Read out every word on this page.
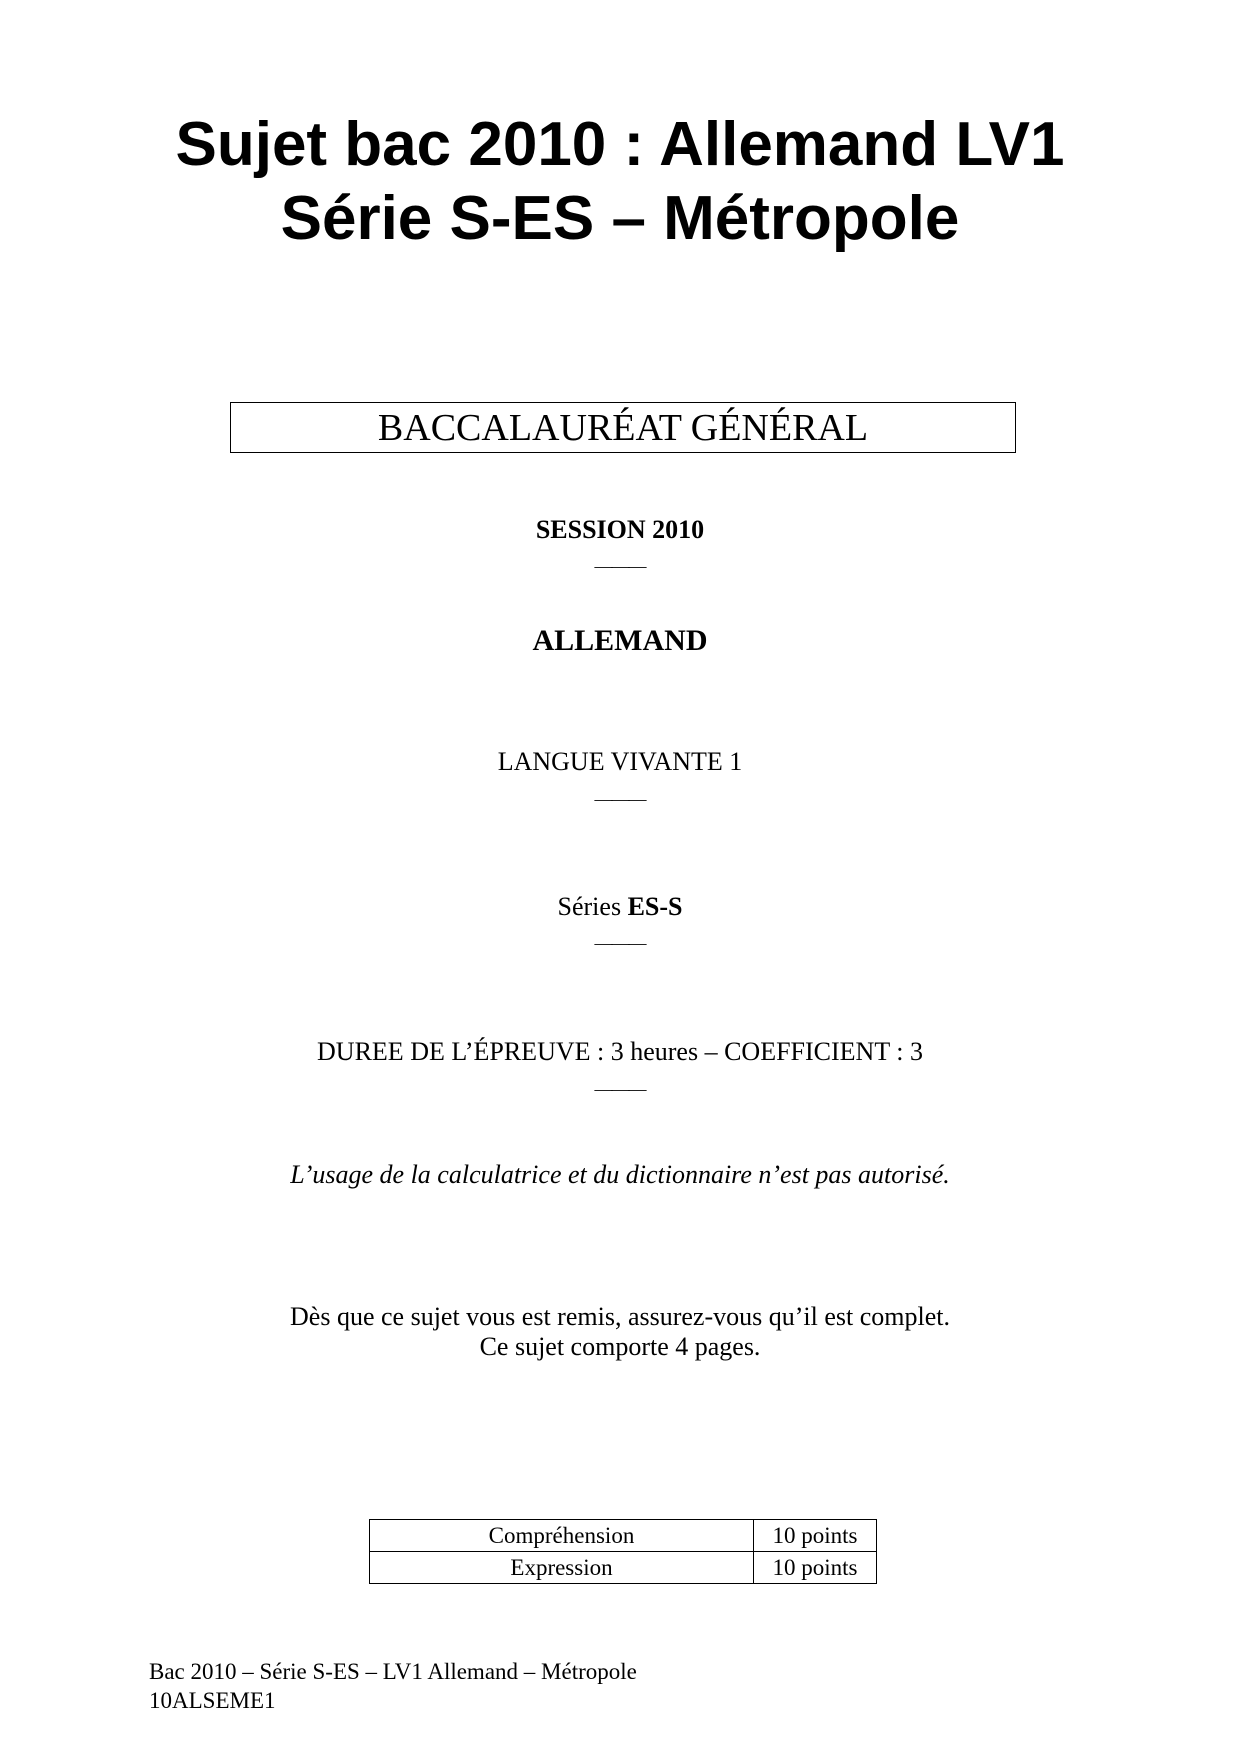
Sujet bac 2010 : Allemand LV1
Série S-ES – Métropole
BACCALAURÉAT GÉNÉRAL
SESSION 2010
———
ALLEMAND
LANGUE VIVANTE 1
———
Séries ES-S
———
DUREE DE L’ÉPREUVE : 3 heures – COEFFICIENT : 3
———
L’usage de la calculatrice et du dictionnaire n’est pas autorisé.
Dès que ce sujet vous est remis, assurez-vous qu’il est complet.
Ce sujet comporte 4 pages.
Compréhension	10 points
Expression	10 points
Bac 2010 – Série S-ES – LV1 Allemand – Métropole
10ALSEME1
